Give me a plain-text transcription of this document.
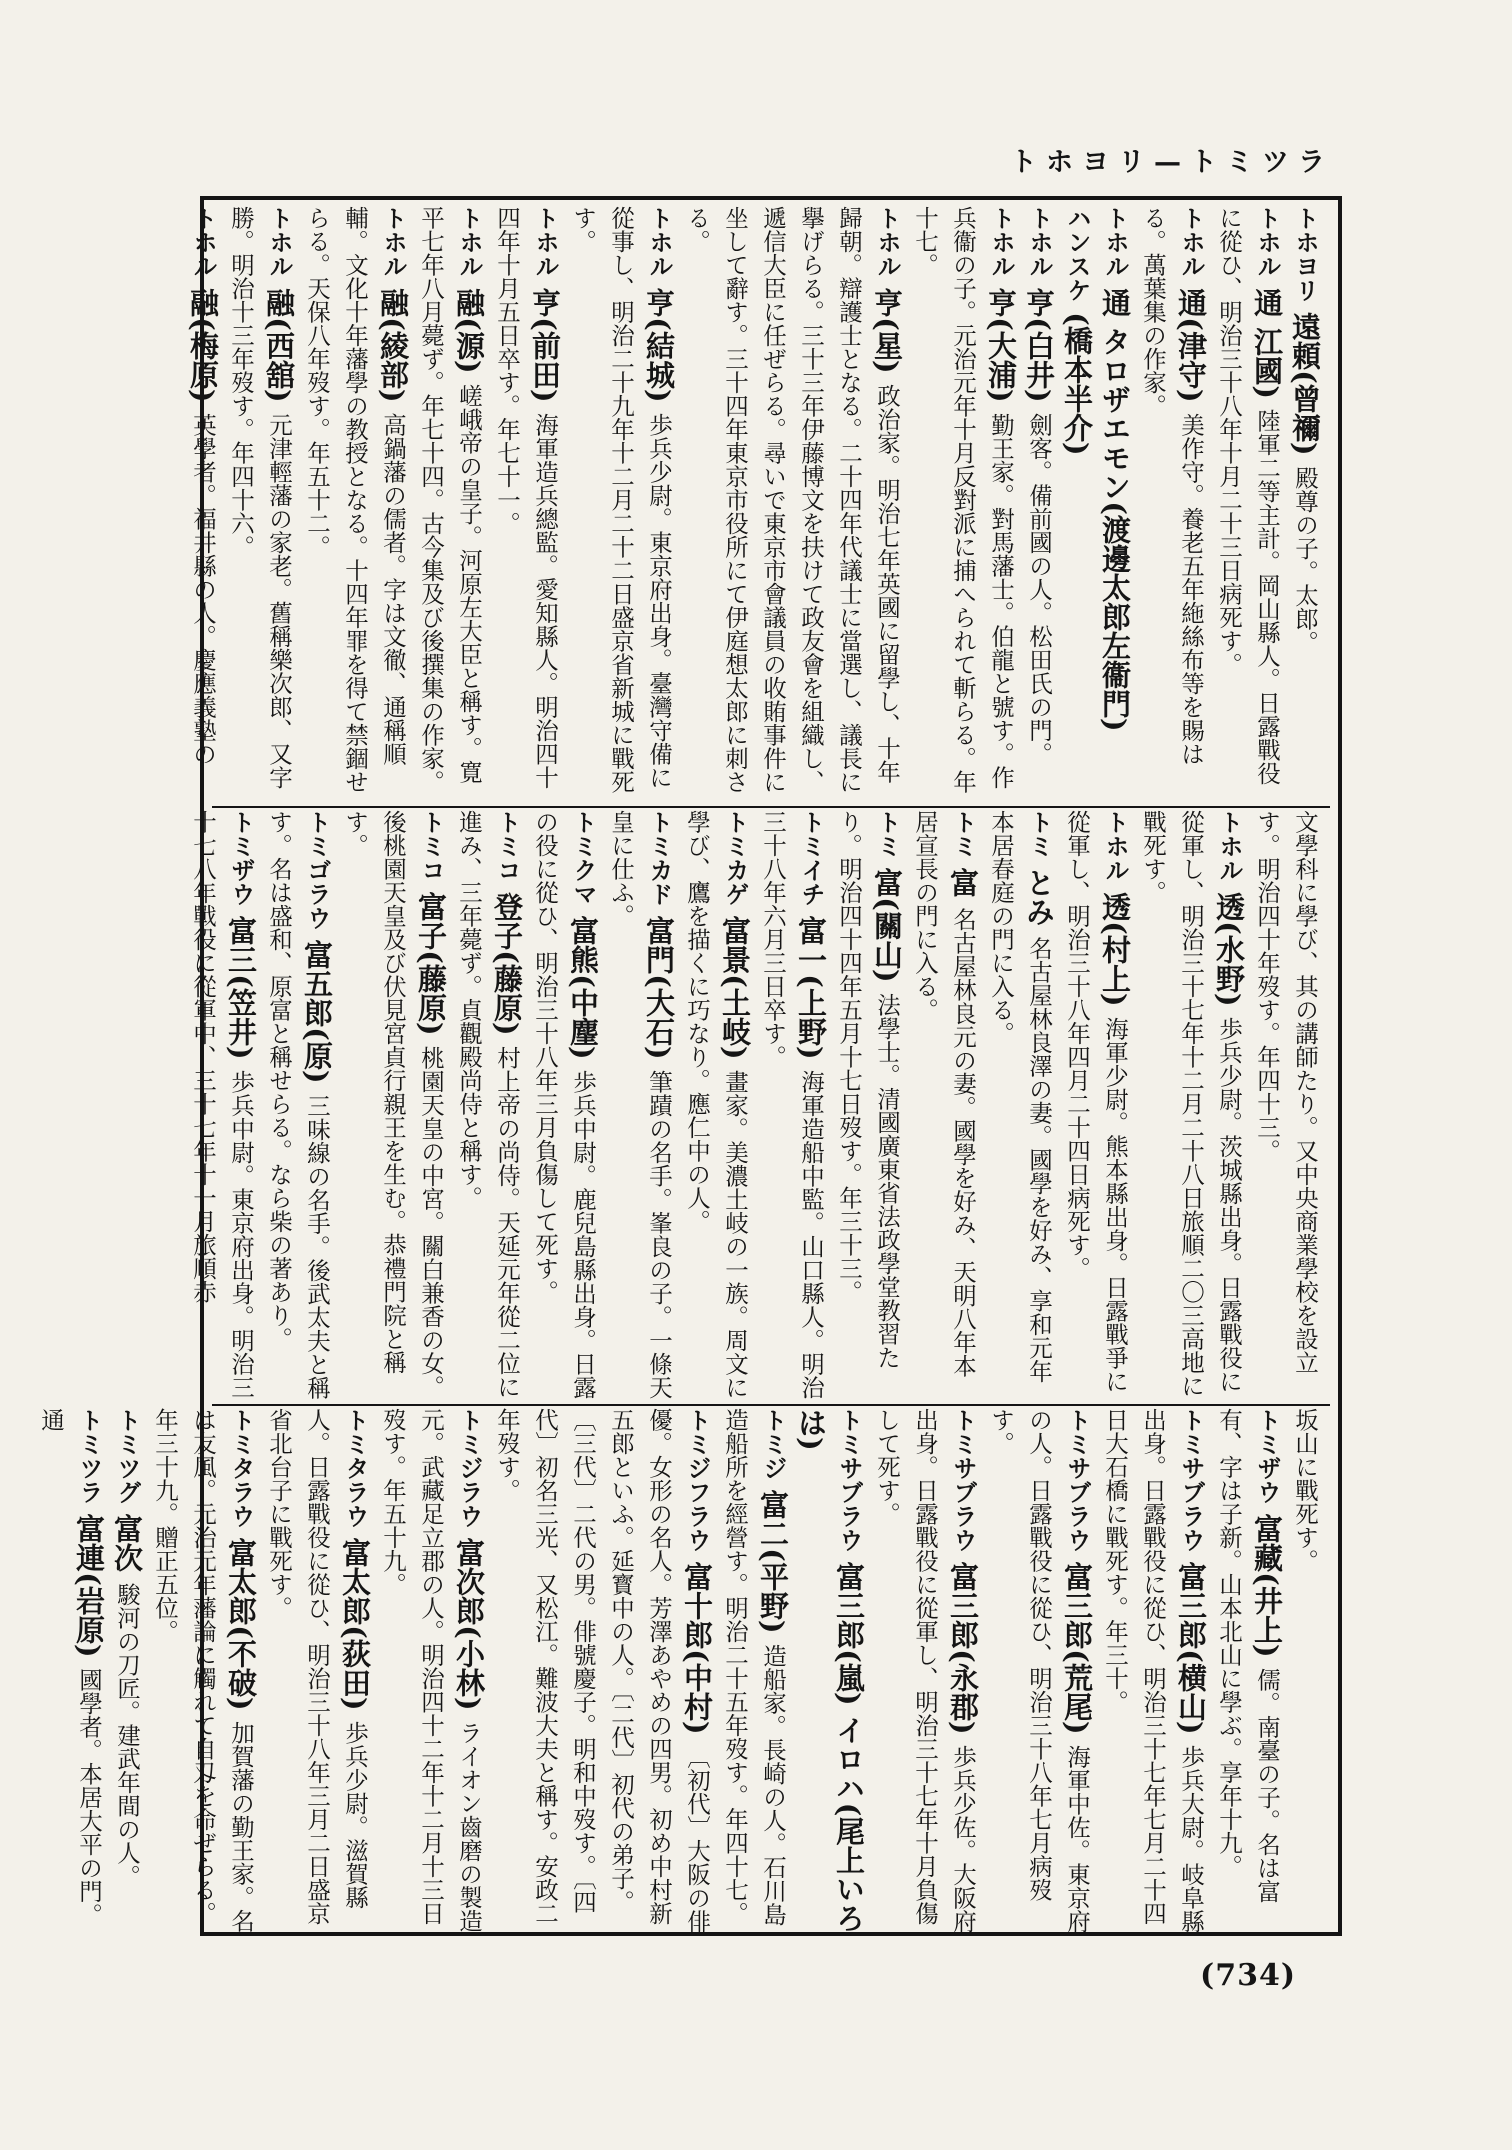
トホヨリ—トミツラ
トホヨリ 遠頼(曾禰) 殿尊の子。太郎。
トホル 通 江國) 陸軍二等主計。岡山縣人。日露戰役に從ひ、明治三十八年十月二十三日病死す。
トホル 通(津守) 美作守。養老五年絁絲布等を賜はる。萬葉集の作家。
トホル 通 タロザエモン(渡邊太郎左衞門)
ハンスケ (橋本半介)
トホル 亨(白井) 劍客。備前國の人。松田氏の門。
トホル 亨(大浦) 勤王家。對馬藩士。伯龍と號す。作兵衞の子。元治元年十月反對派に捕へられて斬らる。年十七。
トホル 亨(星) 政治家。明治七年英國に留學し、十年歸朝。辯護士となる。二十四年代議士に當選し、議長に擧げらる。三十三年伊藤博文を扶けて政友會を組織し、遞信大臣に任ぜらる。尋いで東京市會議員の收賄事件に坐して辭す。三十四年東京市役所にて伊庭想太郎に刺さる。
トホル 亨(結城) 歩兵少尉。東京府出身。臺灣守備に從事し、明治二十九年十二月二十二日盛京省新城に戰死す。
トホル 亨(前田) 海軍造兵總監。愛知縣人。明治四十四年十月五日卒す。年七十一。
トホル 融(源) 嵯峨帝の皇子。河原左大臣と稱す。寛平七年八月薨ず。年七十四。古今集及び後撰集の作家。
トホル 融(綾部) 高鍋藩の儒者。字は文徹、通稱順輔。文化十年藩學の教授となる。十四年罪を得て禁錮せらる。天保八年歿す。年五十二。
トホル 融(西舘) 元津輕藩の家老。舊稱樂次郎、又字勝。明治十三年歿す。年四十六。
トホル 融(梅原) 英學者。福井縣の人。慶應義塾の
文學科に學び、其の講師たり。又中央商業學校を設立す。明治四十年歿す。年四十三。
トホル 透(水野) 歩兵少尉。茨城縣出身。日露戰役に從軍し、明治三十七年十二月二十八日旅順二〇三高地に戰死す。
トホル 透(村上) 海軍少尉。熊本縣出身。日露戰爭に從軍し、明治三十八年四月二十四日病死す。
トミ とみ 名古屋林良澤の妻。國學を好み、享和元年本居春庭の門に入る。
トミ 富 名古屋林良元の妻。國學を好み、天明八年本居宣長の門に入る。
トミ 富(關山) 法學士。清國廣東省法政學堂教習たり。明治四十四年五月十七日歿す。年三十三。
トミイチ 富一(上野) 海軍造船中監。山口縣人。明治三十八年六月三日卒す。
トミカゲ 富景(土岐) 畫家。美濃土岐の一族。周文に學び、鷹を描くに巧なり。應仁中の人。
トミカド 富門(大石) 筆蹟の名手。峯良の子。一條天皇に仕ふ。
トミクマ 富熊(中麈) 歩兵中尉。鹿兒島縣出身。日露の役に從ひ、明治三十八年三月負傷して死す。
トミコ 登子(藤原) 村上帝の尚侍。天延元年從二位に進み、三年薨ず。貞觀殿尚侍と稱す。
トミコ 富子(藤原) 桃園天皇の中宮。關白兼香の女。後桃園天皇及び伏見宮貞行親王を生む。恭禮門院と稱す。
トミゴラウ 富五郎(原) 三味線の名手。後武太夫と稱す。名は盛和、原富と稱せらる。なら柴の著あり。
トミザウ 富三(笠井) 歩兵中尉。東京府出身。明治三十七八年戰役に從軍中、三十七年十一月旅順赤
坂山に戰死す。
トミザウ 富藏(井上) 儒。南臺の子。名は富有、字は子新。山本北山に學ぶ。享年十九。
トミサブラウ 富三郎(横山) 歩兵大尉。岐阜縣出身。日露戰役に從ひ、明治三十七年七月二十四日大石橋に戰死す。年三十。
トミサブラウ 富三郎(荒尾) 海軍中佐。東京府の人。日露戰役に從ひ、明治三十八年七月病歿す。
トミサブラウ 富三郎(永郡) 歩兵少佐。大阪府出身。日露戰役に從軍し、明治三十七年十月負傷して死す。
トミサブラウ 富三郎(嵐) イロハ(尾上いろは)
トミジ 富二(平野) 造船家。長崎の人。石川島造船所を經營す。明治二十五年歿す。年四十七。
トミジフラウ 富十郎(中村) 〔初代〕大阪の俳優。女形の名人。芳澤あやめの四男。初め中村新五郎といふ。延寳中の人。〔二代〕初代の弟子。〔三代〕二代の男。俳號慶子。明和中歿す。〔四代〕初名三光、又松江。難波大夫と稱す。安政二年歿す。
トミジラウ 富次郎(小林) ライオン齒磨の製造元。武藏足立郡の人。明治四十二年十二月十三日歿す。年五十九。
トミタラウ 富太郎(荻田) 歩兵少尉。滋賀縣人。日露戰役に從ひ、明治三十八年三月二日盛京省北台子に戰死す。
トミタラウ 富太郎(不破) 加賀藩の勤王家。名は友風。元治元年藩論に觸れて自刄を命ぜらる。年三十九。贈正五位。
トミツグ 富次 駿河の刀匠。建武年間の人。
トミツラ 富連(岩原) 國學者。本居大平の門。通
(734)
